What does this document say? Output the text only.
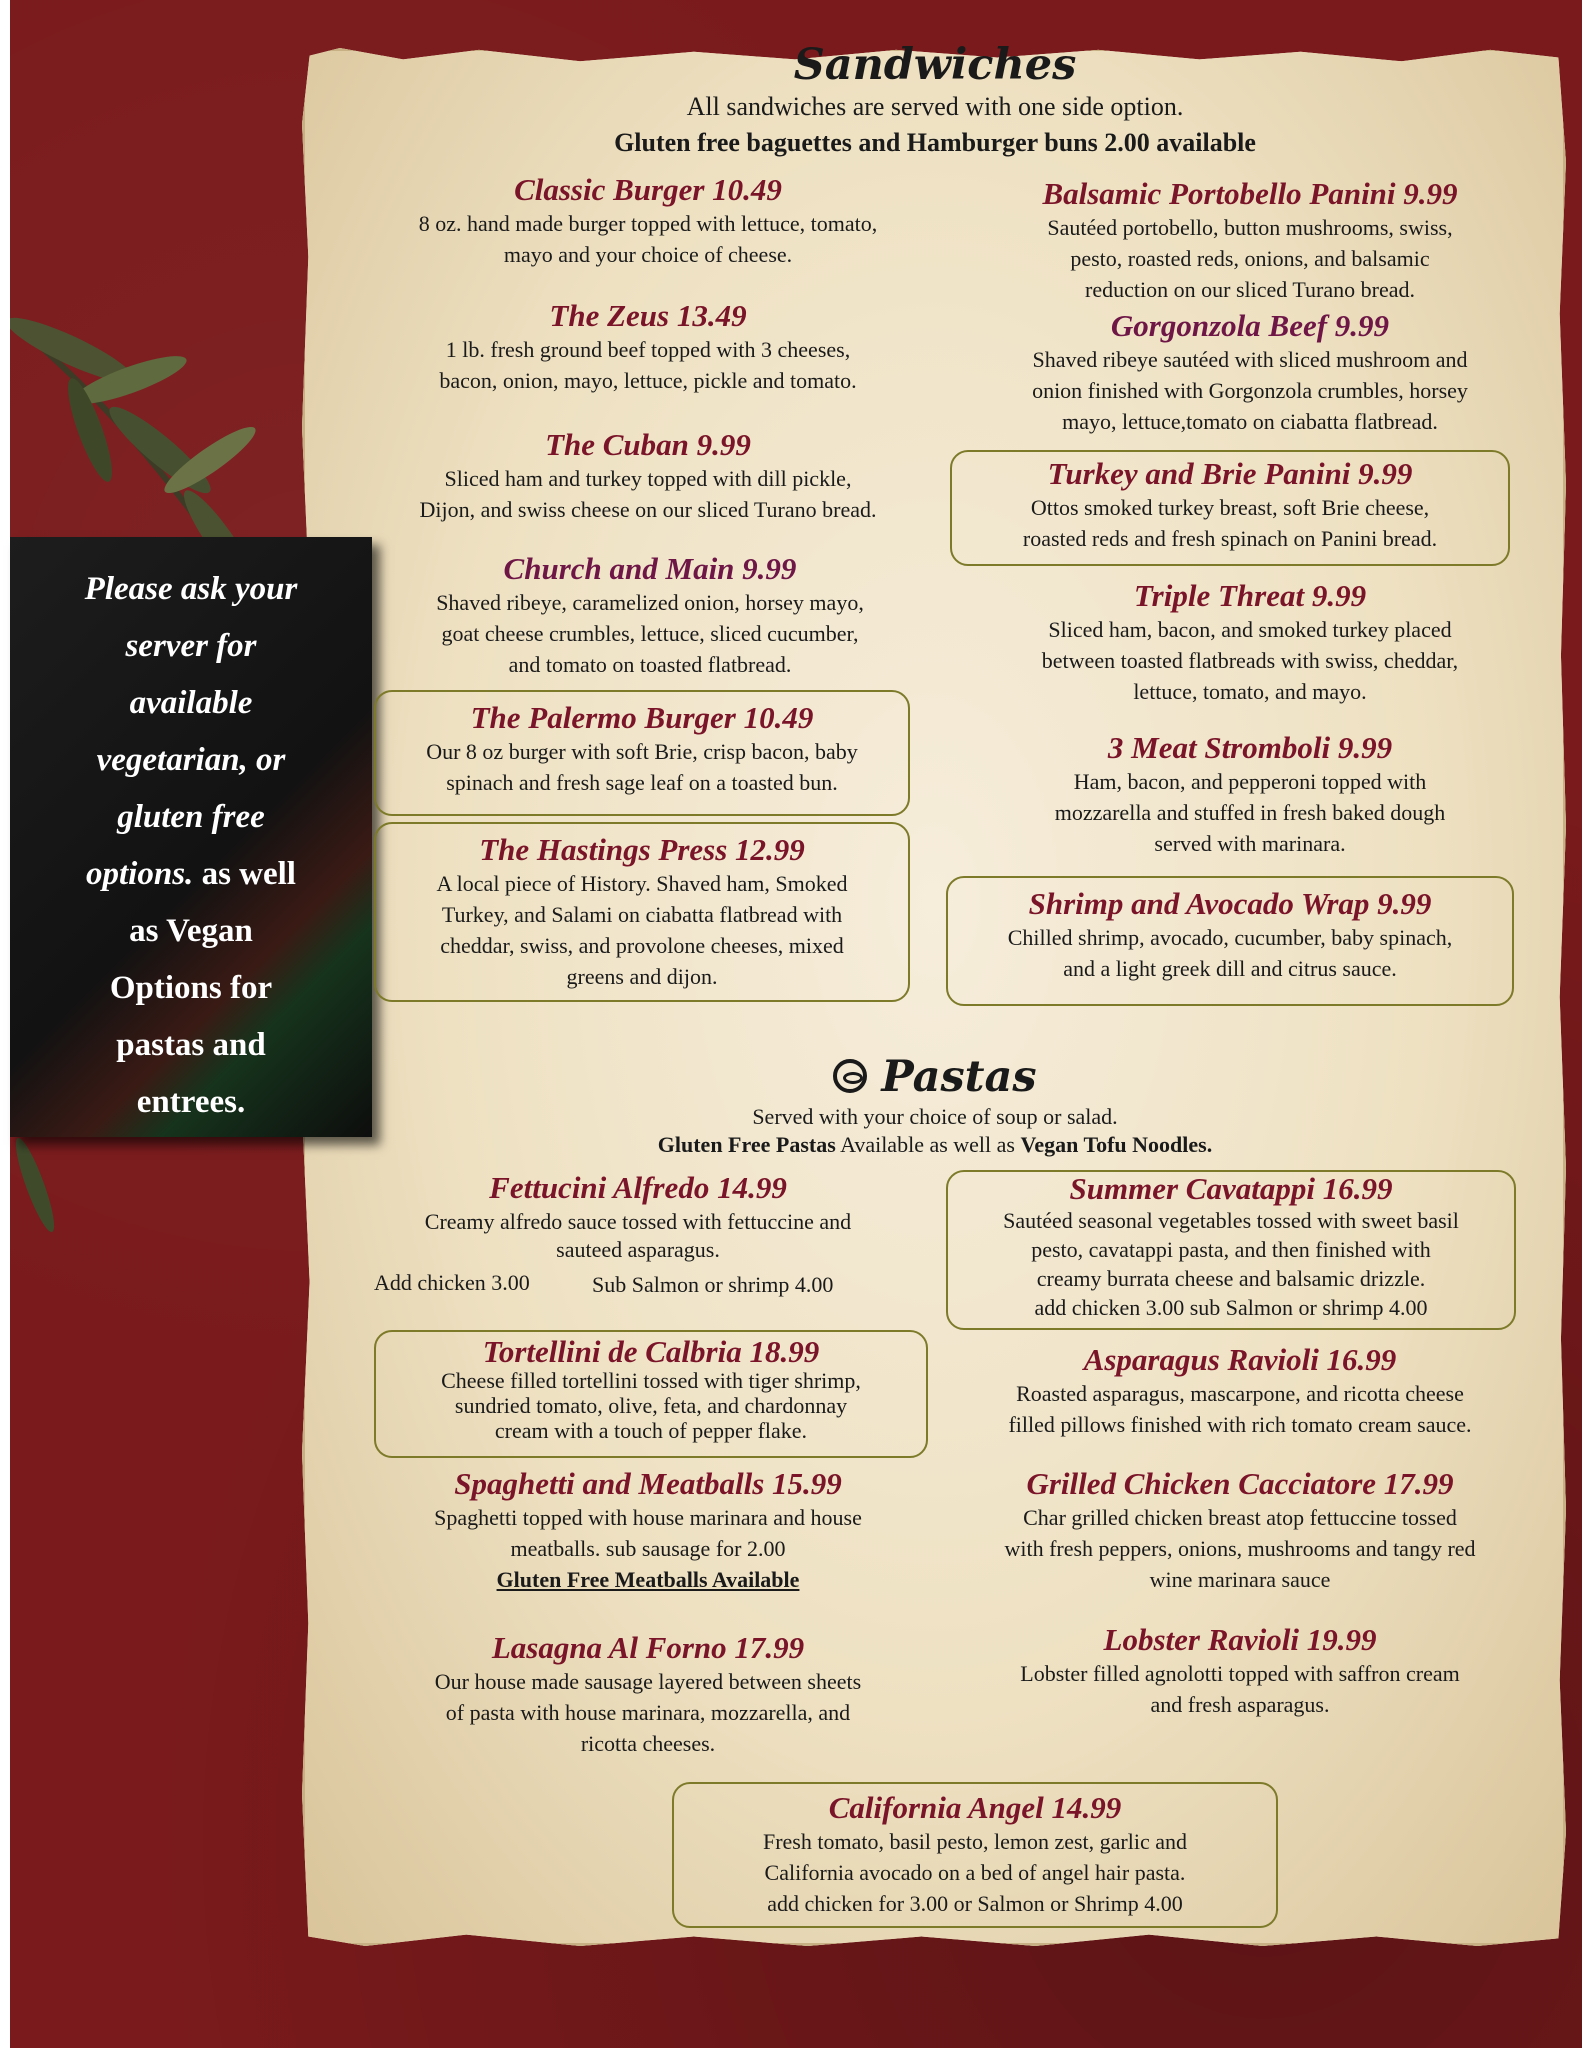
Please ask your
server for
available
vegetarian, or
gluten free
options. as well
as Vegan
Options for
pastas and
entrees.
Sandwiches
All sandwiches are served with one side option.
Gluten free baguettes and Hamburger buns 2.00 available
Classic Burger 10.49
8 oz. hand made burger topped with lettuce, tomato,
mayo and your choice of cheese.
The Zeus 13.49
1 lb. fresh ground beef topped with 3 cheeses,
bacon, onion, mayo, lettuce, pickle and tomato.
The Cuban 9.99
Sliced ham and turkey topped with dill pickle,
Dijon, and swiss cheese on our sliced Turano bread.
Church and Main 9.99
Shaved ribeye, caramelized onion, horsey mayo,
goat cheese crumbles, lettuce, sliced cucumber,
and tomato on toasted flatbread.
The Palermo Burger 10.49
Our 8 oz burger with soft Brie, crisp bacon, baby
spinach and fresh sage leaf on a toasted bun.
The Hastings Press 12.99
A local piece of History. Shaved ham, Smoked
Turkey, and Salami on ciabatta flatbread with
cheddar, swiss, and provolone cheeses, mixed
greens and dijon.
Balsamic Portobello Panini 9.99
Sautéed portobello, button mushrooms, swiss,
pesto, roasted reds, onions, and balsamic
reduction on our sliced Turano bread.
Gorgonzola Beef 9.99
Shaved ribeye sautéed with sliced mushroom and
onion finished with Gorgonzola crumbles, horsey
mayo, lettuce,tomato on ciabatta flatbread.
Turkey and Brie Panini 9.99
Ottos smoked turkey breast, soft Brie cheese,
roasted reds and fresh spinach on Panini bread.
Triple Threat 9.99
Sliced ham, bacon, and smoked turkey placed
between toasted flatbreads with swiss, cheddar,
lettuce, tomato, and mayo.
3 Meat Stromboli 9.99
Ham, bacon, and pepperoni topped with
mozzarella and stuffed in fresh baked dough
served with marinara.
Shrimp and Avocado Wrap 9.99
Chilled shrimp, avocado, cucumber, baby spinach,
and a light greek dill and citrus sauce.
Pastas
Served with your choice of soup or salad.
Gluten Free Pastas Available as well as Vegan Tofu Noodles.
Fettucini Alfredo 14.99
Creamy alfredo sauce tossed with fettuccine and
sauteed asparagus.
Add chicken 3.00	Sub Salmon or shrimp 4.00
Tortellini de Calbria 18.99
Cheese filled tortellini tossed with tiger shrimp,
sundried tomato, olive, feta, and chardonnay
cream with a touch of pepper flake.
Spaghetti and Meatballs 15.99
Spaghetti topped with house marinara and house
meatballs. sub sausage for 2.00
Gluten Free Meatballs Available
Lasagna Al Forno 17.99
Our house made sausage layered between sheets
of pasta with house marinara, mozzarella, and
ricotta cheeses.
Summer Cavatappi 16.99
Sautéed seasonal vegetables tossed with sweet basil
pesto, cavatappi pasta, and then finished with
creamy burrata cheese and balsamic drizzle.
add chicken 3.00 sub Salmon or shrimp 4.00
Asparagus Ravioli 16.99
Roasted asparagus, mascarpone, and ricotta cheese
filled pillows finished with rich tomato cream sauce.
Grilled Chicken Cacciatore 17.99
Char grilled chicken breast atop fettuccine tossed
with fresh peppers, onions, mushrooms and tangy red
wine marinara sauce
Lobster Ravioli 19.99
Lobster filled agnolotti topped with saffron cream
and fresh asparagus.
California Angel 14.99
Fresh tomato, basil pesto, lemon zest, garlic and
California avocado on a bed of angel hair pasta.
add chicken for 3.00 or Salmon or Shrimp 4.00
